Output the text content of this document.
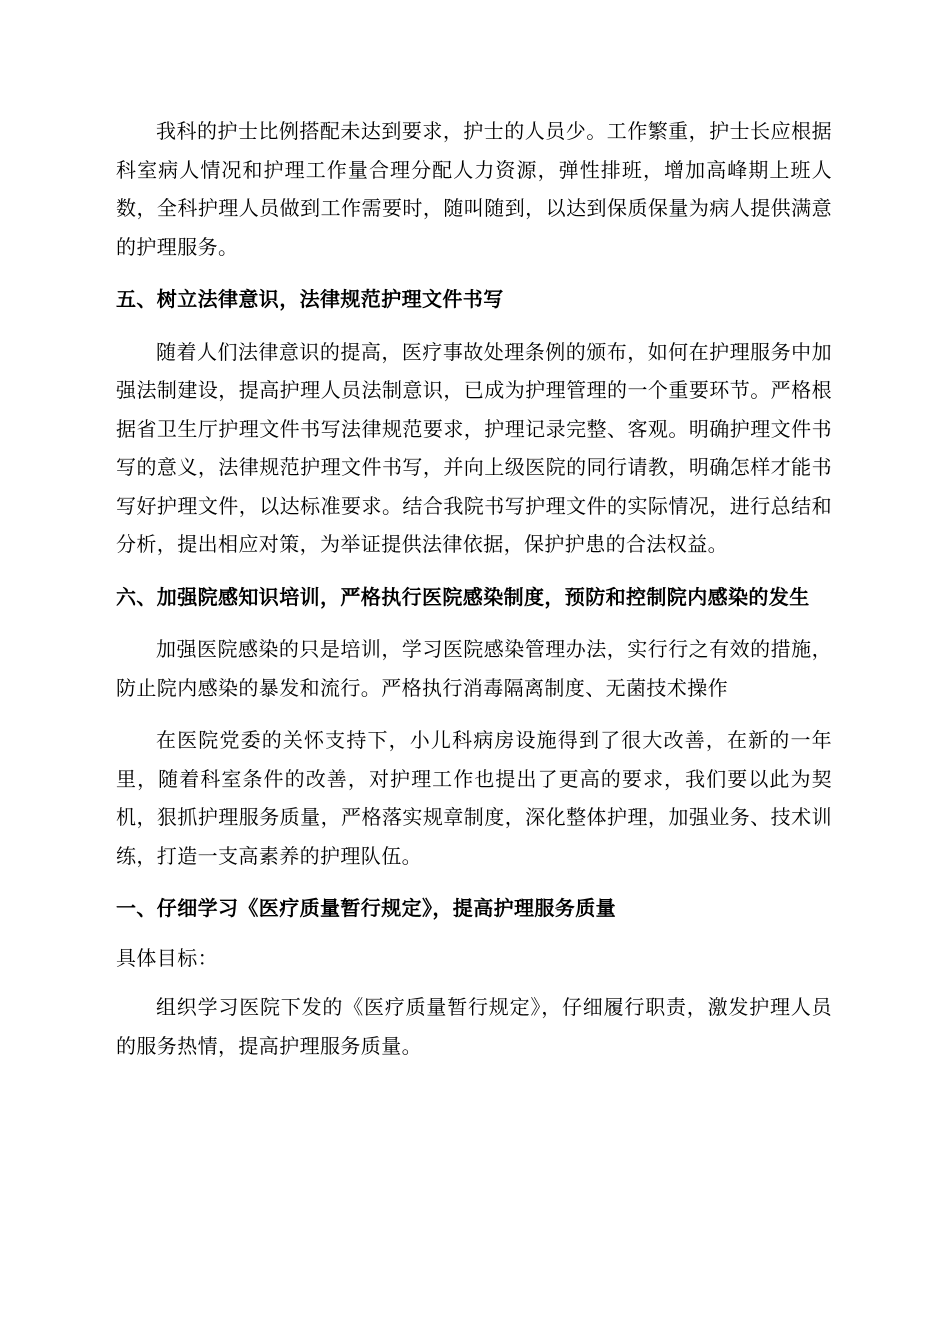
我科的护士比例搭配未达到要求，护士的人员少。工作繁重，护士长应根据科室病人情况和护理工作量合理分配人力资源，弹性排班，增加高峰期上班人数，全科护理人员做到工作需要时，随叫随到，以达到保质保量为病人提供满意的护理服务。

五、树立法律意识，法律规范护理文件书写

随着人们法律意识的提高，医疗事故处理条例的颁布，如何在护理服务中加强法制建设，提高护理人员法制意识，已成为护理管理的一个重要环节。严格根据省卫生厅护理文件书写法律规范要求，护理记录完整、客观。明确护理文件书写的意义，法律规范护理文件书写，并向上级医院的同行请教，明确怎样才能书写好护理文件，以达标准要求。结合我院书写护理文件的实际情况，进行总结和分析，提出相应对策，为举证提供法律依据，保护护患的合法权益。

六、加强院感知识培训，严格执行医院感染制度，预防和控制院内感染的发生

加强医院感染的只是培训，学习医院感染管理办法，实行行之有效的措施，防止院内感染的暴发和流行。严格执行消毒隔离制度、无菌技术操作

在医院党委的关怀支持下，小儿科病房设施得到了很大改善，在新的一年里，随着科室条件的改善，对护理工作也提出了更高的要求，我们要以此为契机，狠抓护理服务质量，严格落实规章制度，深化整体护理，加强业务、技术训练，打造一支高素养的护理队伍。

一、仔细学习《医疗质量暂行规定》，提高护理服务质量

具体目标：

组织学习医院下发的《医疗质量暂行规定》，仔细履行职责，激发护理人员的服务热情，提高护理服务质量。
